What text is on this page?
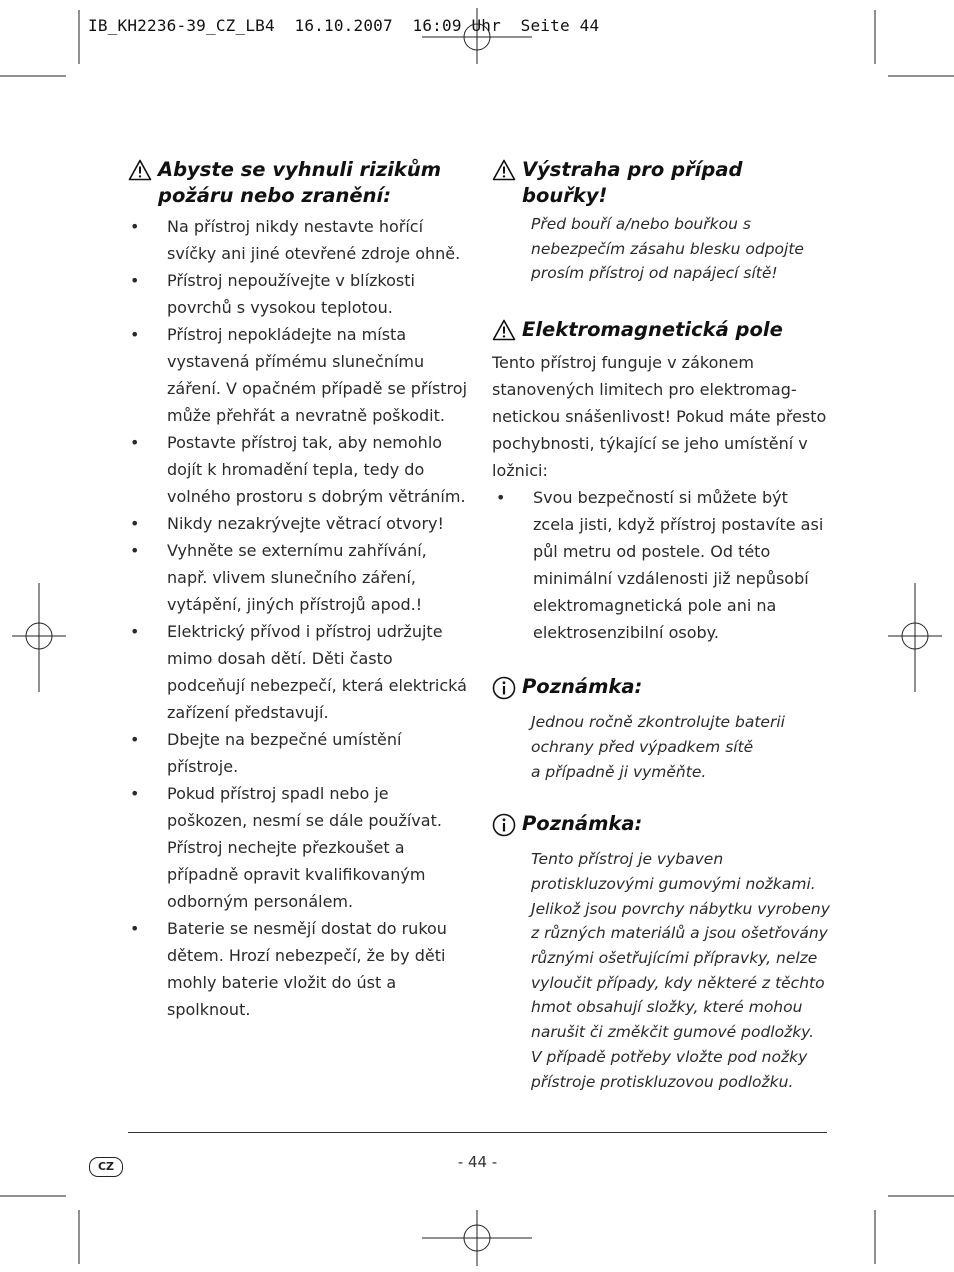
IB_KH2236-39_CZ_LB4  16.10.2007  16:09 Uhr  Seite 44
Abyste se vyhnuli rizikům požáru nebo zranění:
•	Na přístroj nikdy nestavte hořící svíčky ani jiné otevřené zdroje ohně.
•	Přístroj nepoužívejte v blízkosti povrchů s vysokou teplotou.
•	Přístroj nepokládejte na místa vystavená přímému slunečnímu záření. V opačném případě se přístroj může přehřát a nevratně poškodit.
•	Postavte přístroj tak, aby nemohlo dojít k hromadění tepla, tedy do volného prostoru s dobrým větráním.
•	Nikdy nezakrývejte větrací otvory!
•	Vyhněte se externímu zahřívání, např. vlivem slunečního záření, vytápění, jiných přístrojů apod.!
•	Elektrický přívod i přístroj udržujte mimo dosah dětí. Děti často podceňují nebezpečí, která elektrická zařízení představují.
•	Dbejte na bezpečné umístění přístroje.
•	Pokud přístroj spadl nebo je poškozen, nesmí se dále používat. Přístroj nechejte přezkoušet a případně opravit kvalifikovaným odborným personálem.
•	Baterie se nesmějí dostat do rukou dětem. Hrozí nebezpečí, že by děti mohly baterie vložit do úst a spolknout.
Výstraha pro případ bouřky!
Před bouří a/nebo bouřkou s
nebezpečím zásahu blesku odpojte
prosím přístroj od napájecí sítě!
Elektromagnetická pole
Tento přístroj funguje v zákonem
stanovených limitech pro elektromag-
netickou snášenlivost! Pokud máte přesto
pochybnosti, týkající se jeho umístění v
ložnici:
•	Svou bezpečností si můžete být zcela jisti, když přístroj postavíte asi půl metru od postele. Od této minimální vzdálenosti již nepůsobí elektromagnetická pole ani na elektrosenzibilní osoby.
Poznámka:
Jednou ročně zkontrolujte baterii
ochrany před výpadkem sítě
a případně ji vyměňte.
Poznámka:
Tento přístroj je vybaven
protiskluzovými gumovými nožkami.
Jelikož jsou povrchy nábytku vyrobeny
z různých materiálů a jsou ošetřovány
různými ošetřujícími přípravky, nelze
vyloučit případy, kdy některé z těchto
hmot obsahují složky, které mohou
narušit či změkčit gumové podložky.
V případě potřeby vložte pod nožky
přístroje protiskluzovou podložku.
CZ	- 44 -
